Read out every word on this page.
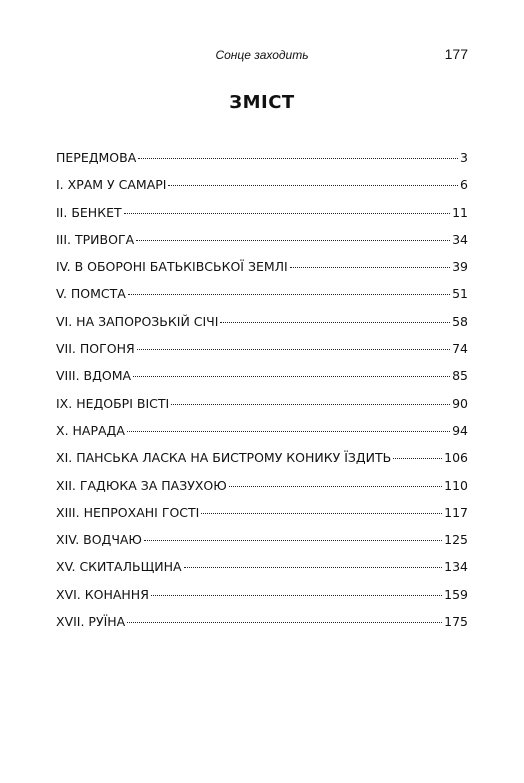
Сонце заходить	177
ЗМІСТ
ПЕРЕДМОВА	3
I. ХРАМ У САМАРІ	6
II. БЕНКЕТ	11
III. ТРИВОГА	34
IV. В ОБОРОНІ БАТЬКІВСЬКОЇ ЗЕМЛІ	39
V. ПОМСТА	51
VI. НА ЗАПОРОЗЬКІЙ СІЧІ	58
VII. ПОГОНЯ	74
VIII. ВДОМА	85
IX. НЕДОБРІ ВІСТІ	90
X. НАРАДА	94
XI. ПАНСЬКА ЛАСКА НА БИСТРОМУ КОНИКУ ЇЗДИТЬ	106
XII. ГАДЮКА ЗА ПАЗУХОЮ	110
XIII. НЕПРОХАНІ ГОСТІ	117
XIV. ВОДЧАЮ	125
XV. СКИТАЛЬЩИНА	134
XVI. КОНАННЯ	159
XVII. РУЇНА	175
